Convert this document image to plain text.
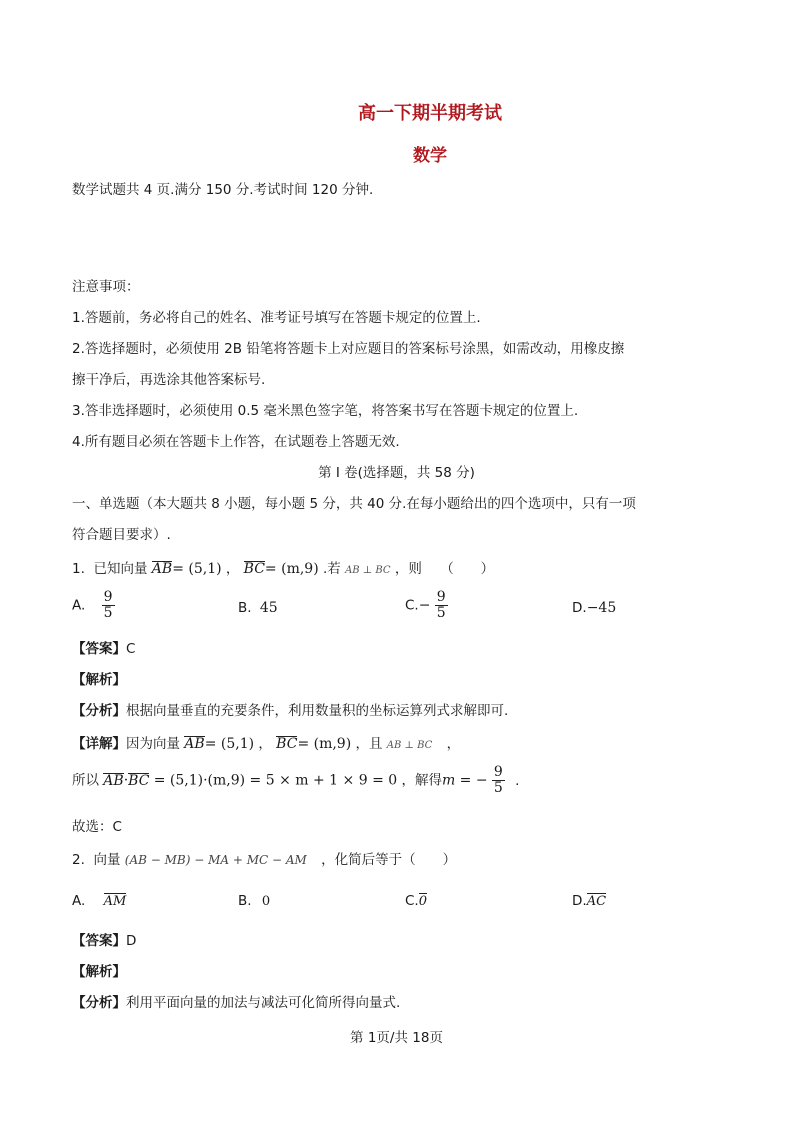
高一下期半期考试
数学
数学试题共 4 页.满分 150 分.考试时间 120 分钟.
注意事项：
1.答题前，务必将自己的姓名、准考证号填写在答题卡规定的位置上.
2.答选择题时，必须使用 2B 铅笔将答题卡上对应题目的答案标号涂黑，如需改动，用橡皮擦
擦干净后，再选涂其他答案标号.
3.答非选择题时，必须使用 0.5 毫米黑色签字笔，将答案书写在答题卡规定的位置上.
4.所有题目必须在答题卡上作答，在试题卷上答题无效.
第 I 卷(选择题，共 58 分)
一、单选题（本大题共 8 小题，每小题 5 分，共 40 分.在每小题给出的四个选项中，只有一项
符合题目要求）.
1. 已知向量 AB= (5,1) ， BC= (m,9) .若 AB ⊥ BC ，则 （　　）
A. $\frac{9}{5}$	B. 45	$C.- \frac{9}{5}$	D.−45
【答案】C
【解析】
【分析】根据向量垂直的充要条件，利用数量积的坐标运算列式求解即可.
【详解】因为向量 AB= (5,1) ， BC= (m,9) ，且 AB ⊥ BC ，
所以 AB·BC = (5,1)·(m,9) = 5 × m + 1 × 9 = 0 ，解得m = − $\frac{9}{5}$ .
故选：C
2. 向量 (AB − MB) − MA + MC − AM ，化简后等于（　　）
A. AM	B. 0	C.0	D.AC
【答案】D
【解析】
【分析】利用平面向量的加法与减法可化简所得向量式.
第 1页/共 18页
